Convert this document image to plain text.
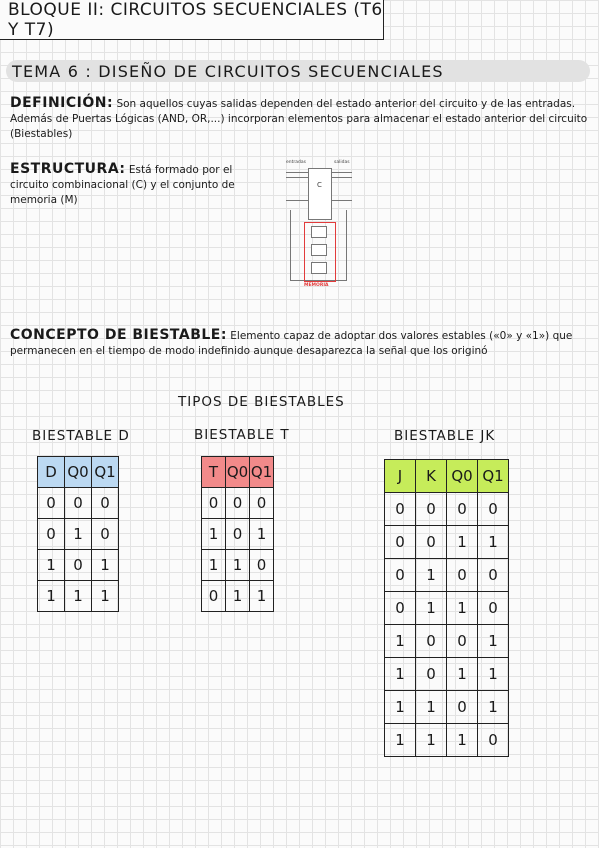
BLOQUE II: CIRCUITOS SECUENCIALES (T6 Y T7)
TEMA 6 : DISEÑO DE CIRCUITOS SECUENCIALES
DEFINICIÓN: Son aquellos cuyas salidas dependen del estado anterior del circuito y de las entradas. Además de Puertas Lógicas (AND, OR,...) incorporan elementos para almacenar el estado anterior del circuito (Biestables)
ESTRUCTURA: Está formado por el circuito combinacional (C) y el conjunto de memoria (M)
entradas	salidas
C
MEMORIA
CONCEPTO DE BIESTABLE: Elemento capaz de adoptar dos valores estables («0» y «1») que permanecen en el tiempo de modo indefinido aunque desaparezca la señal que los originó
TIPOS DE BIESTABLES
BIESTABLE D	BIESTABLE T	BIESTABLE JK
D	Q0	Q1
0	0	0
0	1	0
1	0	1
1	1	1
T	Q0	Q1
0	0	0
1	0	1
1	1	0
0	1	1
J	K	Q0	Q1
0	0	0	0
0	0	1	1
0	1	0	0
0	1	1	0
1	0	0	1
1	0	1	1
1	1	0	1
1	1	1	0
